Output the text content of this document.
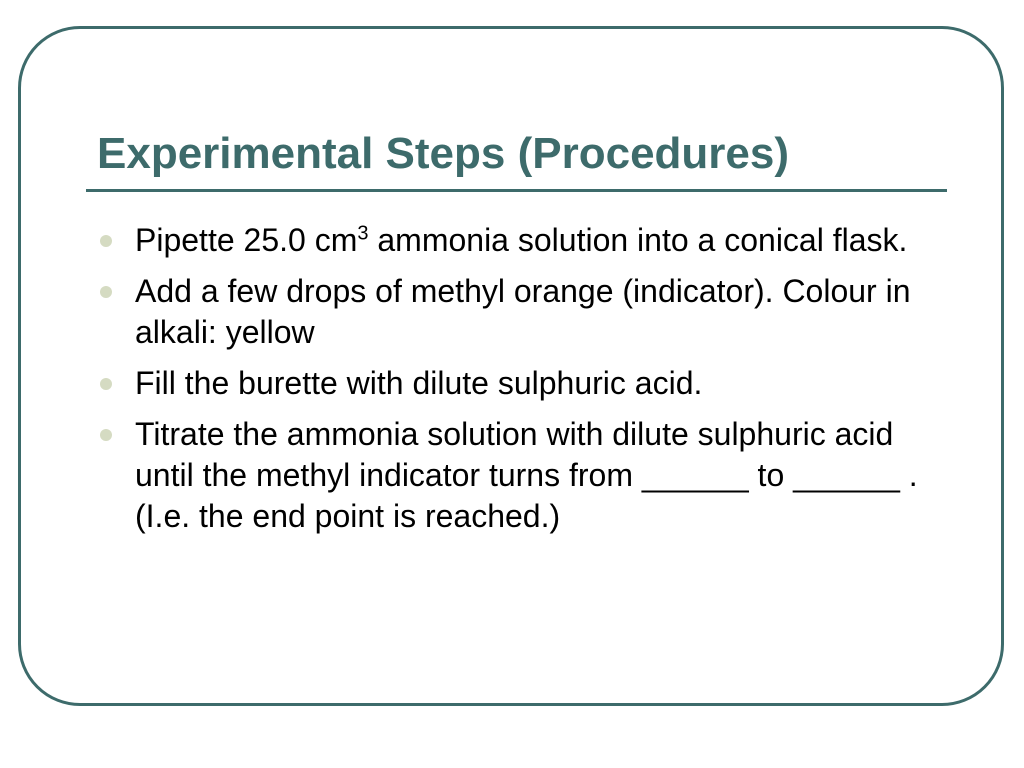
Experimental Steps (Procedures)
Pipette 25.0 $cm^3$ ammonia solution into a conical flask.
Add a few drops of methyl orange (indicator). Colour in alkali: yellow
Fill the burette with dilute sulphuric acid.
Titrate the ammonia solution with dilute sulphuric acid until the methyl indicator turns from ______ to ______ . (I.e. the end point is reached.)
